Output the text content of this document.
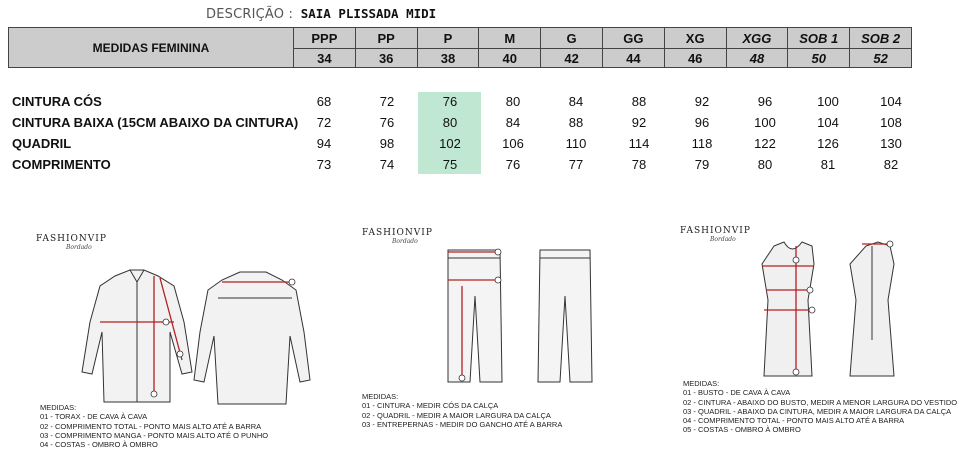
DESCRIÇÃO : SAIA PLISSADA MIDI
MEDIDAS FEMININA	PPP	PP	P	M	G	GG	XG	XGG	SOB 1	SOB 2
	34	36	38	40	42	44	46	48	50	52
CINTURA CÓS	68	72	76	80	84	88	92	96	100	104
CINTURA BAIXA (15CM ABAIXO DA CINTURA)	72	76	80	84	88	92	96	100	104	108
QUADRIL	94	98	102	106	110	114	118	122	126	130
COMPRIMENTO	73	74	75	76	77	78	79	80	81	82
FASHIONVIP
Bordado
MEDIDAS:
01 - TORAX - DE CAVA À CAVA
02 - COMPRIMENTO TOTAL - PONTO MAIS ALTO ATÉ A BARRA
03 - COMPRIMENTO MANGA - PONTO MAIS ALTO ATÉ O PUNHO
04 - COSTAS - OMBRO À OMBRO
FASHIONVIP
Bordado
MEDIDAS:
01 - CINTURA - MEDIR CÓS DA CALÇA
02 - QUADRIL - MEDIR A MAIOR LARGURA DA CALÇA
03 - ENTREPERNAS - MEDIR DO GANCHO ATÉ A BARRA
FASHIONVIP
Bordado
MEDIDAS:
01 - BUSTO - DE CAVA À CAVA
02 - CINTURA - ABAIXO DO BUSTO, MEDIR A MENOR LARGURA DO VESTIDO
03 - QUADRIL - ABAIXO DA CINTURA, MEDIR A MAIOR LARGURA DA CALÇA
04 - COMPRIMENTO TOTAL - PONTO MAIS ALTO ATÉ A BARRA
05 - COSTAS - OMBRO À OMBRO
